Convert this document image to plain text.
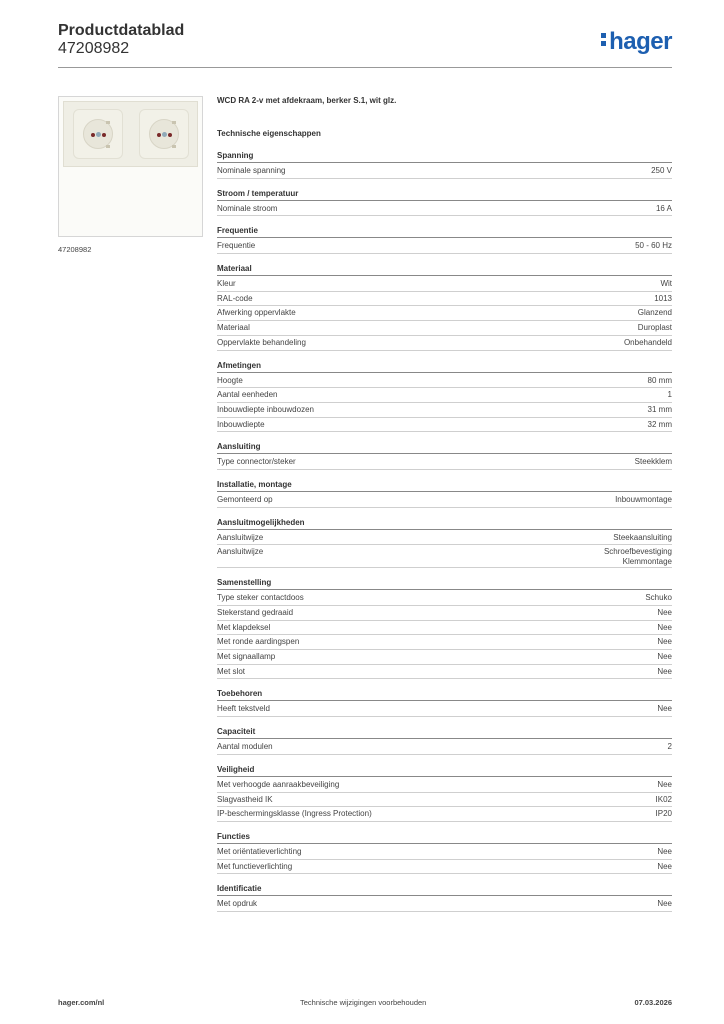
Productdatablad
47208982	hager
47208982
WCD RA 2-v met afdekraam, berker S.1, wit glz.
Technische eigenschappen
Spanning
Nominale spanning	250 V
Stroom / temperatuur
Nominale stroom	16 A
Frequentie
Frequentie	50 - 60 Hz
Materiaal
Kleur	Wit
RAL-code	1013
Afwerking oppervlakte	Glanzend
Materiaal	Duroplast
Oppervlakte behandeling	Onbehandeld
Afmetingen
Hoogte	80 mm
Aantal eenheden	1
Inbouwdiepte inbouwdozen	31 mm
Inbouwdiepte	32 mm
Aansluiting
Type connector/steker	Steekklem
Installatie, montage
Gemonteerd op	Inbouwmontage
Aansluitmogelijkheden
Aansluitwijze	Steekaansluiting
Aansluitwijze	Schroefbevestiging
Klemmontage
Samenstelling
Type steker contactdoos	Schuko
Stekerstand gedraaid	Nee
Met klapdeksel	Nee
Met ronde aardingspen	Nee
Met signaallamp	Nee
Met slot	Nee
Toebehoren
Heeft tekstveld	Nee
Capaciteit
Aantal modulen	2
Veiligheid
Met verhoogde aanraakbeveiliging	Nee
Slagvastheid IK	IK02
IP-beschermingsklasse (Ingress Protection)	IP20
Functies
Met oriëntatieverlichting	Nee
Met functieverlichting	Nee
Identificatie
Met opdruk	Nee
hager.com/nl	Technische wijzigingen voorbehouden	07.03.2026
